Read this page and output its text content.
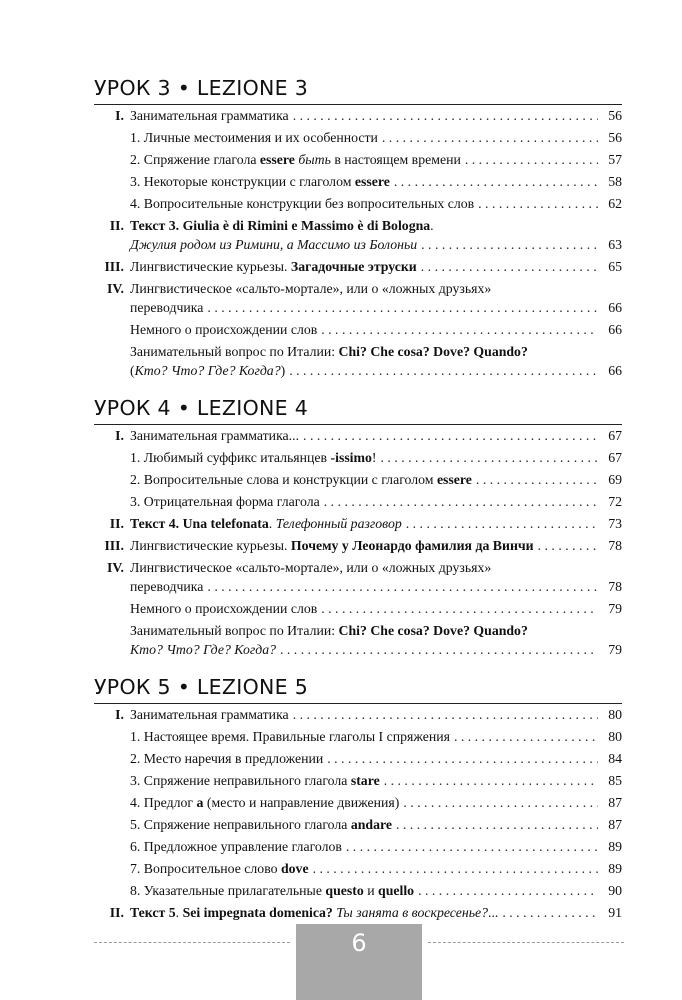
УРОК 3 • LEZIONE 3
I. Занимательная грамматика . . .	56
1. Личные местоимения и их особенности . . .	56
2. Спряжение глагола essere быть в настоящем времени . . .	57
3. Некоторые конструкции с глаголом essere . . .	58
4. Вопросительные конструкции без вопросительных слов . . .	62
II. Текст 3. Giulia è di Rimini e Massimo è di Bologna.
Джулия родом из Римини, а Массимо из Болоньи . . .	63
III. Лингвистические курьезы. Загадочные этруски . . .	65
IV. Лингвистическое «сальто-мортале», или о «ложных друзьях»
переводчика . . .	66
Немного о происхождении слов . . .	66
Занимательный вопрос по Италии: Chi? Che cosa? Dove? Quando?
(Кто? Что? Где? Когда?) . . .	66
УРОК 4 • LEZIONE 4
I. Занимательная грамматика... . . .	67
1. Любимый суффикс итальянцев -issimo! . . .	67
2. Вопросительные слова и конструкции с глаголом essere . . .	69
3. Отрицательная форма глагола . . .	72
II. Текст 4. Una telefonata. Телефонный разговор . . .	73
III. Лингвистические курьезы. Почему у Леонардо фамилия да Винчи . . .	78
IV. Лингвистическое «сальто-мортале», или о «ложных друзьях»
переводчика . . .	78
Немного о происхождении слов . . .	79
Занимательный вопрос по Италии: Chi? Che cosa? Dove? Quando?
Кто? Что? Где? Когда? . . .	79
УРОК 5 • LEZIONE 5
I. Занимательная грамматика . . .	80
1. Настоящее время. Правильные глаголы I спряжения . . .	80
2. Место наречия в предложении . . .	84
3. Спряжение неправильного глагола stare . . .	85
4. Предлог a (место и направление движения) . . .	87
5. Спряжение неправильного глагола andare . . .	87
6. Предложное управление глаголов . . .	89
7. Вопросительное слово dove . . .	89
8. Указательные прилагательные questo и quello . . .	90
II. Текст 5. Sei impegnata domenica? Ты занята в воскресенье?... . . .	91
6
